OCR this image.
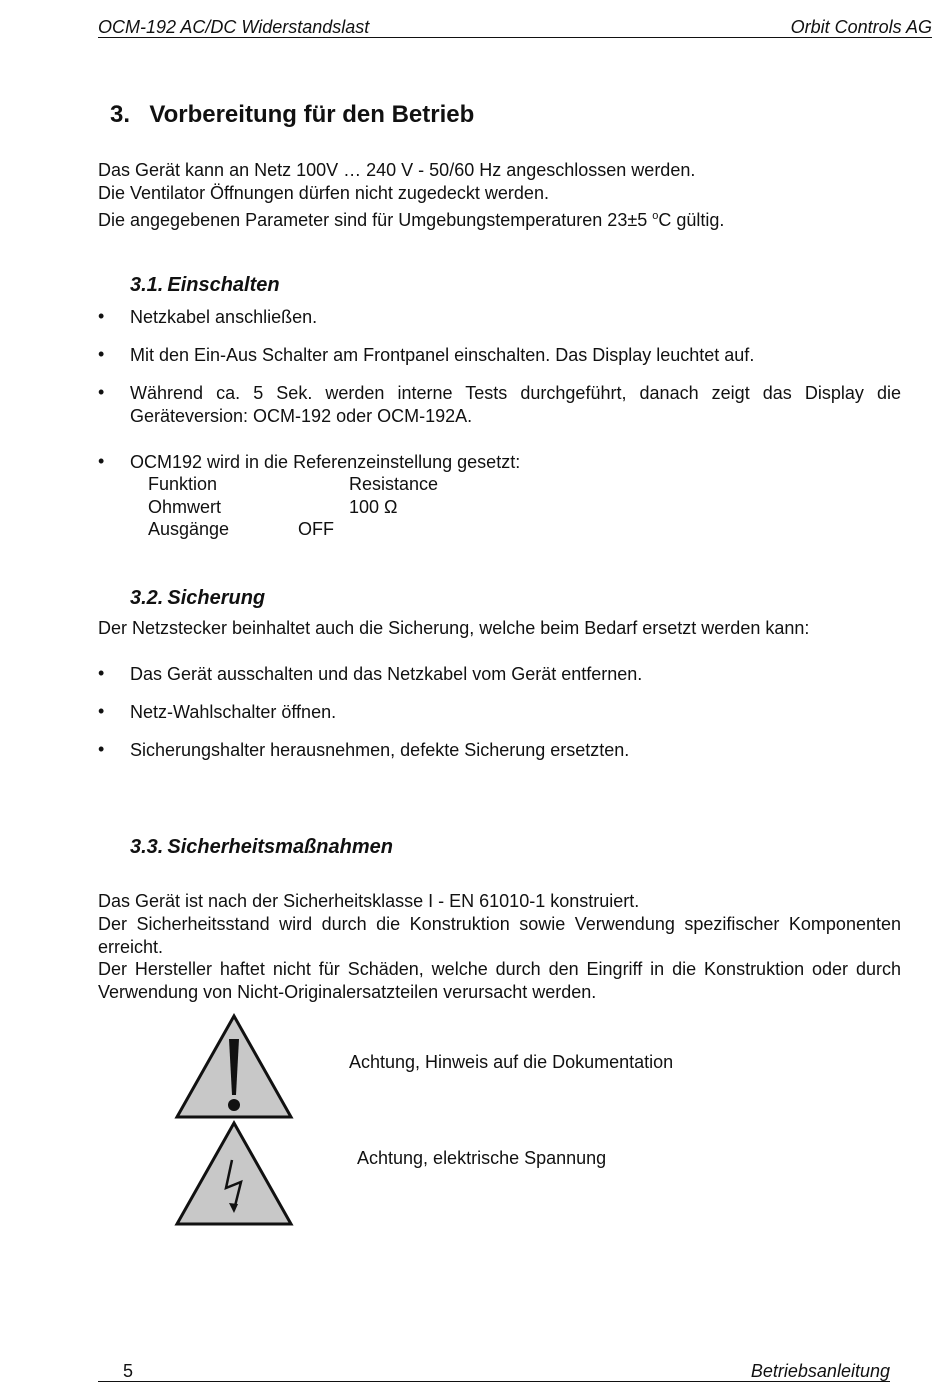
OCM-192 AC/DC Widerstandslast	Orbit Controls AG
3. Vorbereitung für den Betrieb
Das Gerät kann an Netz 100V … 240 V - 50/60 Hz angeschlossen werden.
Die Ventilator Öffnungen dürfen nicht zugedeckt werden.
Die angegebenen Parameter sind für Umgebungstemperaturen 23±5 $^o$C gültig.
3.1. Einschalten
• Netzkabel anschließen.
• Mit den Ein-Aus Schalter am Frontpanel einschalten. Das Display leuchtet auf.
• Während ca. 5 Sek. werden interne Tests durchgeführt, danach zeigt das Display die Geräteversion: OCM-192 oder OCM-192A.
• OCM192 wird in die Referenzeinstellung gesetzt:
Funktion	Resistance
Ohmwert	100 Ω
Ausgänge	OFF
3.2. Sicherung
Der Netzstecker beinhaltet auch die Sicherung, welche beim Bedarf ersetzt werden kann:
• Das Gerät ausschalten und das Netzkabel vom Gerät entfernen.
• Netz-Wahlschalter öffnen.
• Sicherungshalter herausnehmen, defekte Sicherung ersetzten.
3.3. Sicherheitsmaßnahmen
Das Gerät ist nach der Sicherheitsklasse I - EN 61010-1 konstruiert.
Der Sicherheitsstand wird durch die Konstruktion sowie Verwendung spezifischer Komponenten erreicht.
Der Hersteller haftet nicht für Schäden, welche durch den Eingriff in die Konstruktion oder durch Verwendung von Nicht-Originalersatzteilen verursacht werden.
Achtung, Hinweis auf die Dokumentation
Achtung, elektrische Spannung
5	Betriebsanleitung
